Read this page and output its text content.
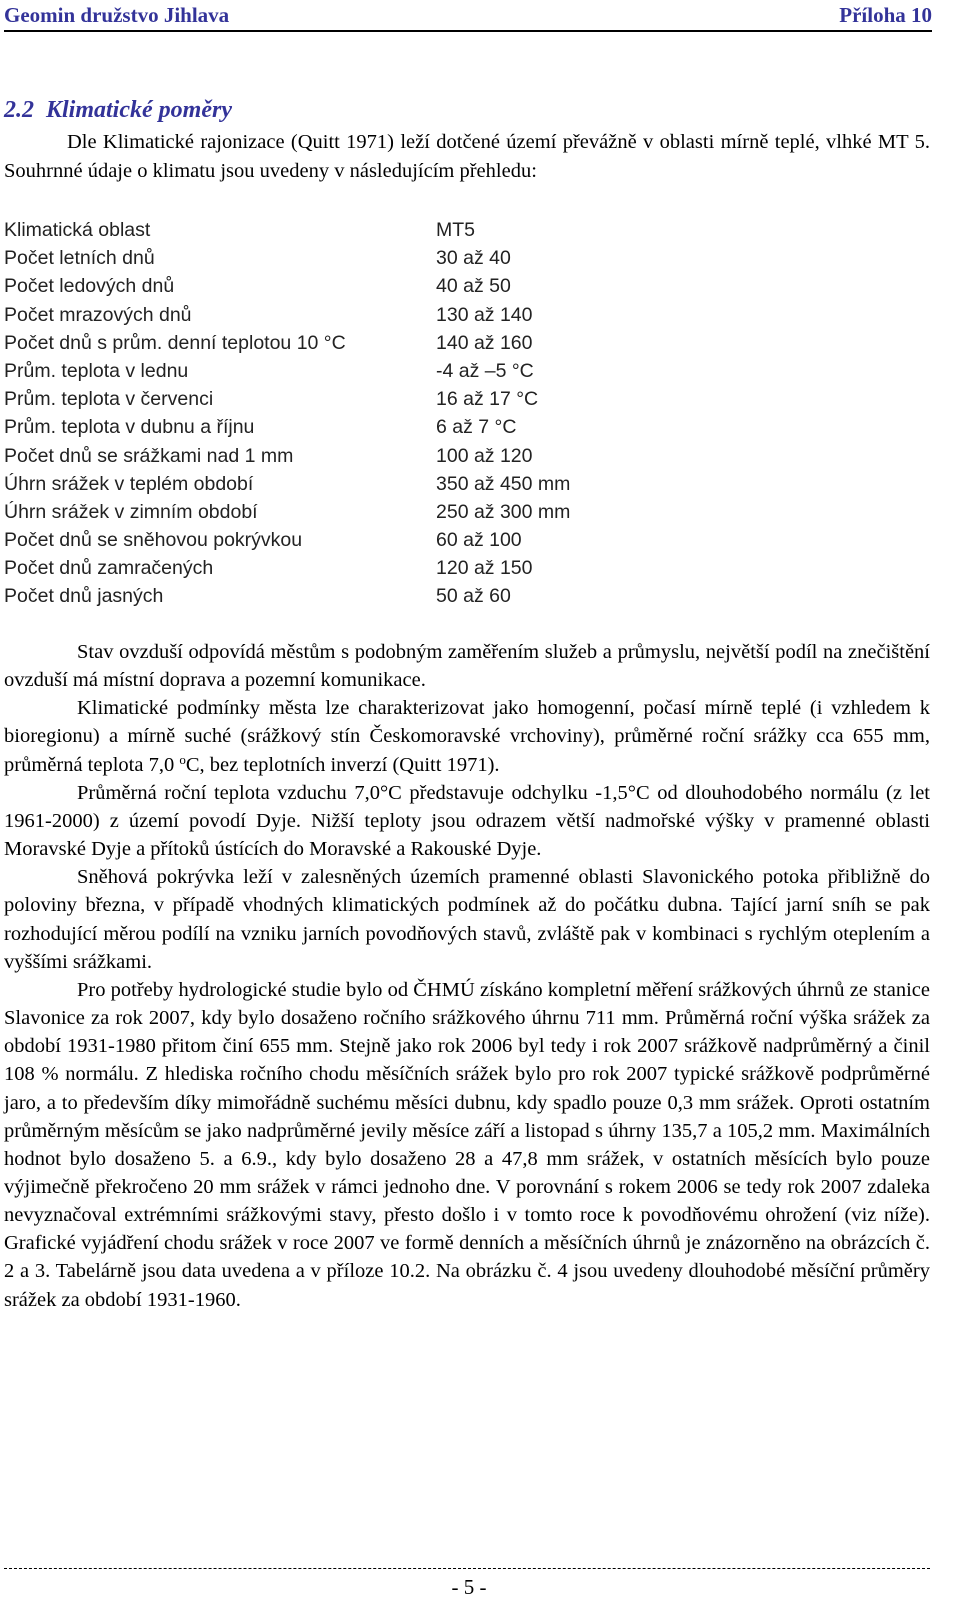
Geomin družstvo Jihlava	Příloha 10
2.2 Klimatické poměry

Dle Klimatické rajonizace (Quitt 1971) leží dotčené území převážně v oblasti mírně teplé, vlhké MT 5. Souhrnné údaje o klimatu jsou uvedeny v následujícím přehledu:

Klimatická oblast	MT5
Počet letních dnů	30 až 40
Počet ledových dnů	40 až 50
Počet mrazových dnů	130 až 140
Počet dnů s prům. denní teplotou 10 °C	140 až 160
Prům. teplota v lednu	-4 až –5 °C
Prům. teplota v červenci	16 až 17 °C
Prům. teplota v dubnu a říjnu	6 až 7 °C
Počet dnů se srážkami nad 1 mm	100 až 120
Úhrn srážek v teplém období	350 až 450 mm
Úhrn srážek v zimním období	250 až 300 mm
Počet dnů se sněhovou pokrývkou	60 až 100
Počet dnů zamračených	120 až 150
Počet dnů jasných	50 až 60

Stav ovzduší odpovídá městům s podobným zaměřením služeb a průmyslu, největší podíl na znečištění ovzduší má místní doprava a pozemní komunikace.

Klimatické podmínky města lze charakterizovat jako homogenní, počasí mírně teplé (i vzhledem k bioregionu) a mírně suché (srážkový stín Českomoravské vrchoviny), průměrné roční srážky cca 655 mm, průměrná teplota 7,0 $^o$C, bez teplotních inverzí (Quitt 1971).

Průměrná roční teplota vzduchu 7,0°C představuje odchylku -1,5°C od dlouhodobého normálu (z let 1961-2000) z území povodí Dyje. Nižší teploty jsou odrazem větší nadmořské výšky v pramenné oblasti Moravské Dyje a přítoků ústících do Moravské a Rakouské Dyje.

Sněhová pokrývka leží v zalesněných územích pramenné oblasti Slavonického potoka přibližně do poloviny března, v případě vhodných klimatických podmínek až do počátku dubna. Tající jarní sníh se pak rozhodující měrou podílí na vzniku jarních povodňových stavů, zvláště pak v kombinaci s rychlým oteplením a vyššími srážkami.

Pro potřeby hydrologické studie bylo od ČHMÚ získáno kompletní měření srážkových úhrnů ze stanice Slavonice za rok 2007, kdy bylo dosaženo ročního srážkového úhrnu 711 mm. Průměrná roční výška srážek za období 1931-1980 přitom činí 655 mm. Stejně jako rok 2006 byl tedy i rok 2007 srážkově nadprůměrný a činil 108 % normálu. Z hlediska ročního chodu měsíčních srážek bylo pro rok 2007 typické srážkově podprůměrné jaro, a to především díky mimořádně suchému měsíci dubnu, kdy spadlo pouze 0,3 mm srážek. Oproti ostatním průměrným měsícům se jako nadprůměrné jevily měsíce září a listopad s úhrny 135,7 a 105,2 mm. Maximálních hodnot bylo dosaženo 5. a 6.9., kdy bylo dosaženo 28 a 47,8 mm srážek, v ostatních měsících bylo pouze výjimečně překročeno 20 mm srážek v rámci jednoho dne. V porovnání s rokem 2006 se tedy rok 2007 zdaleka nevyznačoval extrémními srážkovými stavy, přesto došlo i v tomto roce k povodňovému ohrožení (viz níže). Grafické vyjádření chodu srážek v roce 2007 ve formě denních a měsíčních úhrnů je znázorněno na obrázcích č. 2 a 3. Tabelárně jsou data uvedena a v příloze 10.2. Na obrázku č. 4 jsou uvedeny dlouhodobé měsíční průměry srážek za období 1931-1960.

- 5 -
